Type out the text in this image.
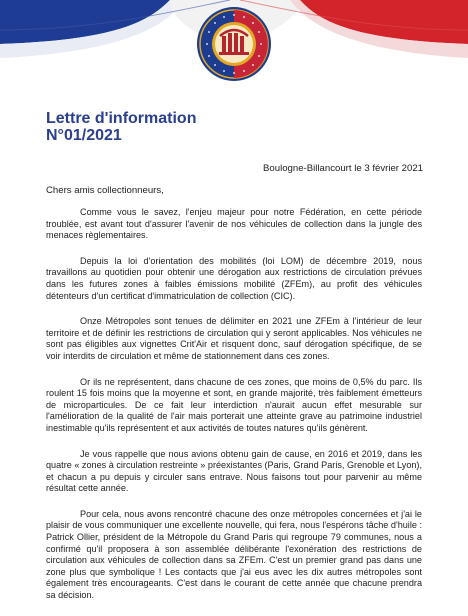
Lettre d'information
N°01/2021
Boulogne-Billancourt le 3 février 2021
Chers amis collectionneurs,

Comme vous le savez, l'enjeu majeur pour notre Fédération, en cette période troublée, est avant tout d'assurer l'avenir de nos véhicules de collection dans la jungle des menaces règlementaires.

Depuis la loi d'orientation des mobilités (loi LOM) de décembre 2019, nous travaillons au quotidien pour obtenir une dérogation aux restrictions de circulation prévues dans les futures zones à faibles émissions mobilité (ZFEm), au profit des véhicules détenteurs d'un certificat d'immatriculation de collection (CIC).

Onze Métropoles sont tenues de délimiter en 2021 une ZFEm à l'intérieur de leur territoire et de définir les restrictions de circulation qui y seront applicables. Nos véhicules ne sont pas éligibles aux vignettes Crit'Air et risquent donc, sauf dérogation spécifique, de se voir interdits de circulation et même de stationnement dans ces zones.

Or ils ne représentent, dans chacune de ces zones, que moins de 0,5% du parc. Ils roulent 15 fois moins que la moyenne et sont, en grande majorité, très faiblement émetteurs de microparticules. De ce fait leur interdiction n'aurait aucun effet mesurable sur l'amélioration de la qualité de l'air mais porterait une atteinte grave au patrimoine industriel inestimable qu'ils représentent et aux activités de toutes natures qu'ils génèrent.

Je vous rappelle que nous avions obtenu gain de cause, en 2016 et 2019, dans les quatre « zones à circulation restreinte » préexistantes (Paris, Grand Paris, Grenoble et Lyon), et chacun a pu depuis y circuler sans entrave. Nous faisons tout pour parvenir au même résultat cette année.

Pour cela, nous avons rencontré chacune des onze métropoles concernées et j'ai le plaisir de vous communiquer une excellente nouvelle, qui fera, nous l'espérons tâche d'huile : Patrick Ollier, président de la Métropole du Grand Paris qui regroupe 79 communes, nous a confirmé qu'il proposera à son assemblée délibérante l'exonération des restrictions de circulation aux véhicules de collection dans sa ZFEm. C'est un premier grand pas dans une zone plus que symbolique ! Les contacts que j'ai eus avec les dix autres métropoles sont également très encourageants. C'est dans le courant de cette année que chacune prendra sa décision.
